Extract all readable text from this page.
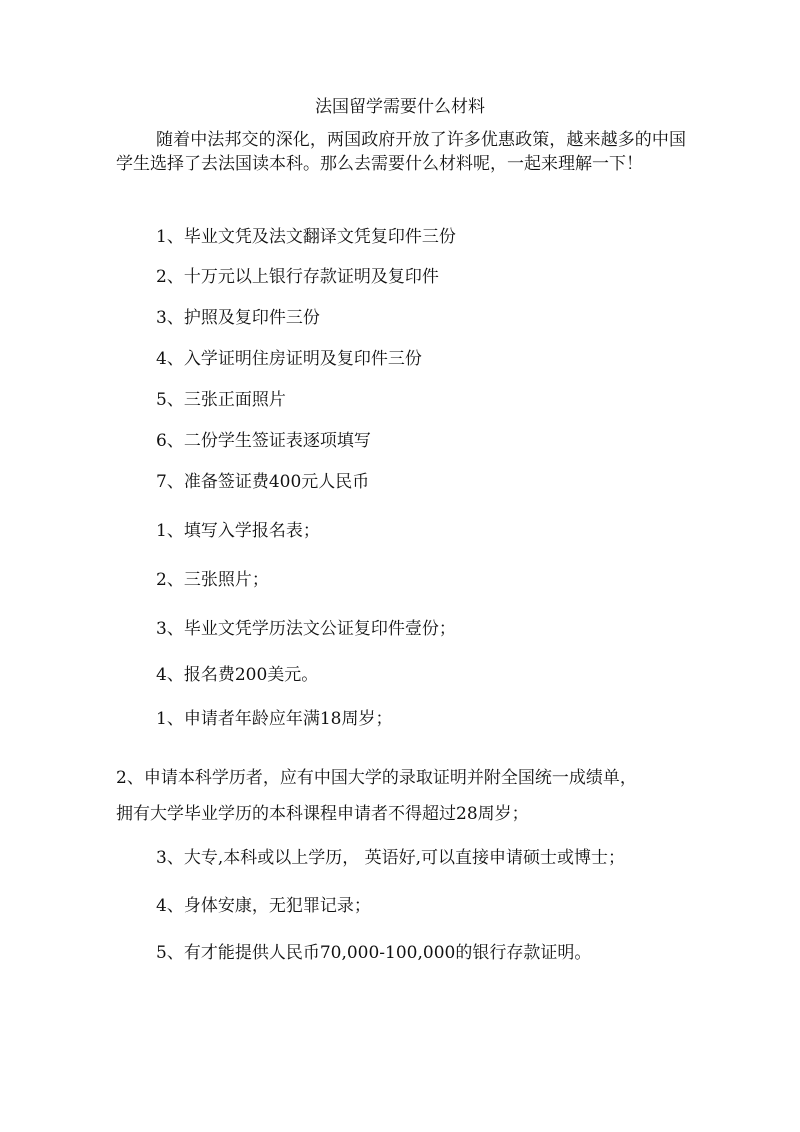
法国留学需要什么材料

随着中法邦交的深化，两国政府开放了许多优惠政策，越来越多的中国学生选择了去法国读本科。那么去需要什么材料呢，一起来理解一下！

1、毕业文凭及法文翻译文凭复印件三份

2、十万元以上银行存款证明及复印件

3、护照及复印件三份

4、入学证明住房证明及复印件三份

5、三张正面照片

6、二份学生签证表逐项填写

7、准备签证费400元人民币

1、填写入学报名表；

2、三张照片；

3、毕业文凭学历法文公证复印件壹份；

4、报名费200美元。

1、申请者年龄应年满18周岁；

2、申请本科学历者，应有中国大学的录取证明并附全国统一成绩单，

拥有大学毕业学历的本科课程申请者不得超过28周岁；

3、大专,本科或以上学历， 英语好,可以直接申请硕士或博士；

4、身体安康，无犯罪记录；

5、有才能提供人民币70,000-100,000的银行存款证明。
